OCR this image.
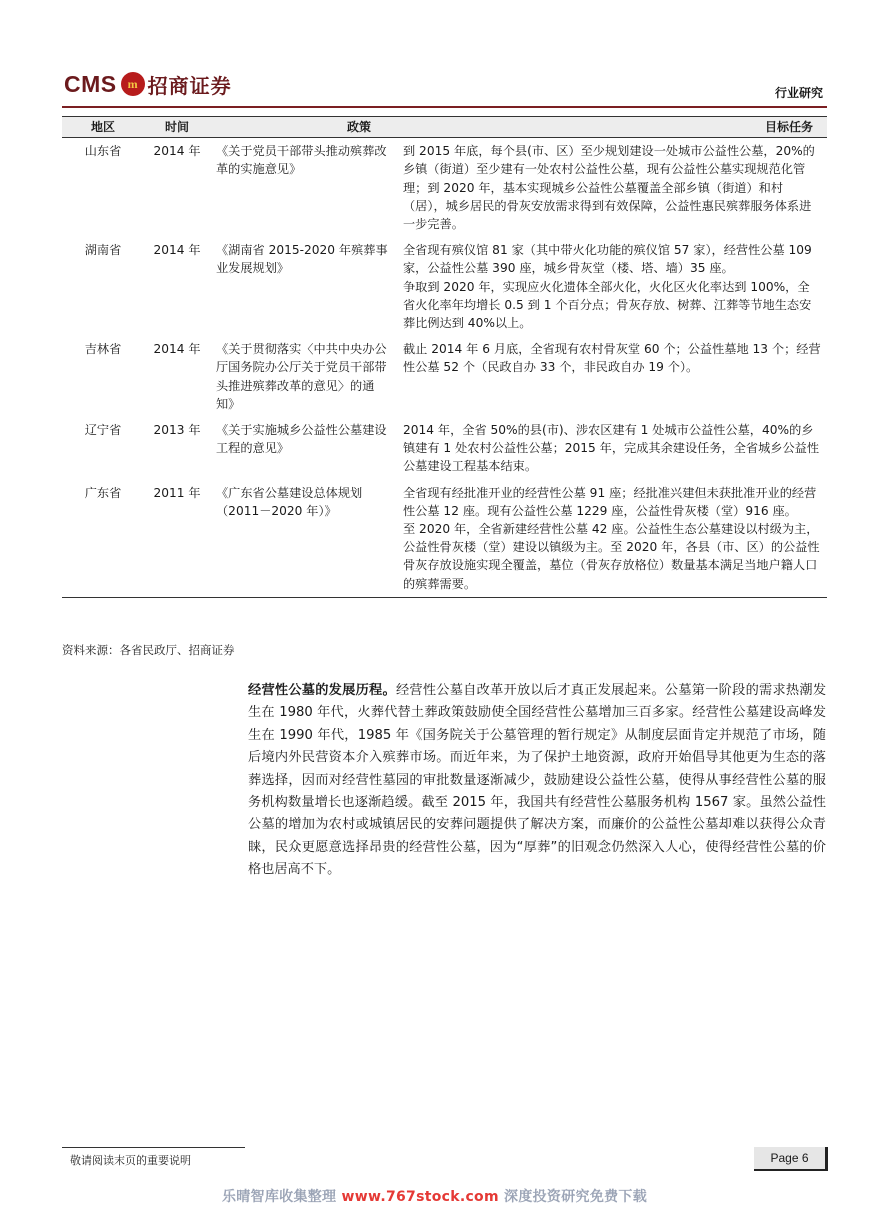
CMS m 招商证券	行业研究
地区	时间	政策	目标任务
山东省	2014 年	《关于党员干部带头推动殡葬改革的实施意见》	到 2015 年底，每个县(市、区）至少规划建设一处城市公益性公墓，20%的乡镇（街道）至少建有一处农村公益性公墓，现有公益性公墓实现规范化管理；到 2020 年，基本实现城乡公益性公墓覆盖全部乡镇（街道）和村（居），城乡居民的骨灰安放需求得到有效保障，公益性惠民殡葬服务体系进一步完善。

湖南省	2014 年	《湖南省 2015-2020 年殡葬事业发展规划》	全省现有殡仪馆 81 家（其中带火化功能的殡仪馆 57 家），经营性公墓 109 家，公益性公墓 390 座，城乡骨灰堂（楼、塔、墙）35 座。
争取到 2020 年，实现应火化遗体全部火化，火化区火化率达到 100%，全省火化率年均增长 0.5 到 1 个百分点；骨灰存放、树葬、江葬等节地生态安葬比例达到 40%以上。

吉林省	2014 年	《关于贯彻落实〈中共中央办公厅国务院办公厅关于党员干部带头推进殡葬改革的意见〉的通知》	截止 2014 年 6 月底，全省现有农村骨灰堂 60 个；公益性墓地 13 个；经营性公墓 52 个（民政自办 33 个，非民政自办 19 个）。

辽宁省	2013 年	《关于实施城乡公益性公墓建设工程的意见》	2014 年，全省 50%的县(市)、涉农区建有 1 处城市公益性公墓，40%的乡镇建有 1 处农村公益性公墓；2015 年，完成其余建设任务，全省城乡公益性公墓建设工程基本结束。

广东省	2011 年	《广东省公墓建设总体规划（2011－2020 年）》	全省现有经批准开业的经营性公墓 91 座；经批准兴建但未获批准开业的经营性公墓 12 座。现有公益性公墓 1229 座，公益性骨灰楼（堂）916 座。
至 2020 年，全省新建经营性公墓 42 座。公益性生态公墓建设以村级为主，公益性骨灰楼（堂）建设以镇级为主。至 2020 年，各县（市、区）的公益性骨灰存放设施实现全覆盖，墓位（骨灰存放格位）数量基本满足当地户籍人口的殡葬需要。
资料来源：各省民政厅、招商证券

经营性公墓的发展历程。经营性公墓自改革开放以后才真正发展起来。公墓第一阶段的需求热潮发生在 1980 年代，火葬代替土葬政策鼓励使全国经营性公墓增加三百多家。经营性公墓建设高峰发生在 1990 年代，1985 年《国务院关于公墓管理的暂行规定》从制度层面肯定并规范了市场，随后境内外民营资本介入殡葬市场。而近年来，为了保护土地资源，政府开始倡导其他更为生态的落葬选择，因而对经营性墓园的审批数量逐渐减少，鼓励建设公益性公墓，使得从事经营性公墓的服务机构数量增长也逐渐趋缓。截至 2015 年，我国共有经营性公墓服务机构 1567 家。虽然公益性公墓的增加为农村或城镇居民的安葬问题提供了解决方案，而廉价的公益性公墓却难以获得公众青睐，民众更愿意选择昂贵的经营性公墓，因为“厚葬”的旧观念仍然深入人心，使得经营性公墓的价格也居高不下。

敬请阅读末页的重要说明	Page 6
乐晴智库收集整理 www.767stock.com 深度投资研究免费下载
